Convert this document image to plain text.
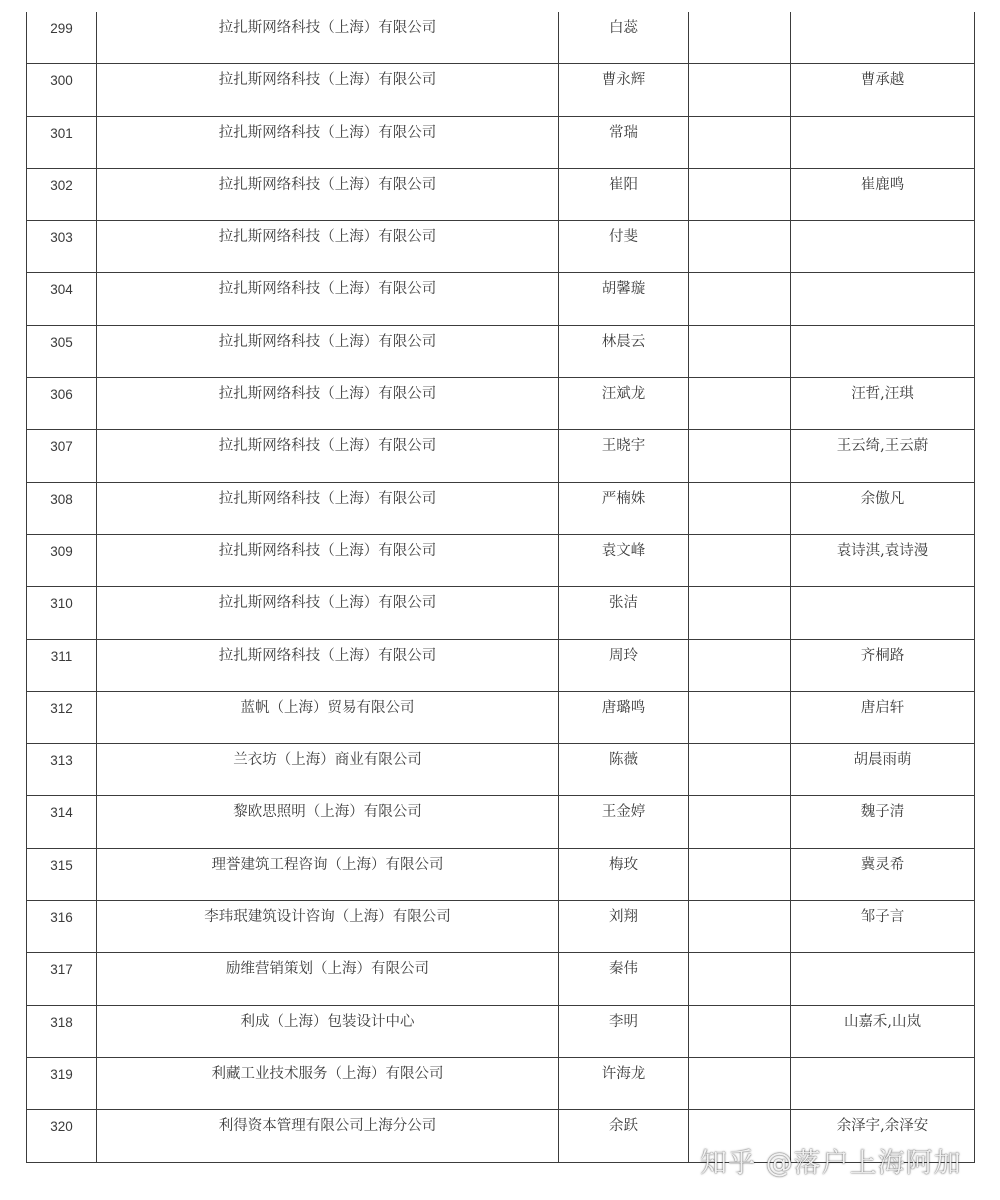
299	拉扎斯网络科技（上海）有限公司	白蕊		

300	拉扎斯网络科技（上海）有限公司	曹永辉		曹承越

301	拉扎斯网络科技（上海）有限公司	常瑞		

302	拉扎斯网络科技（上海）有限公司	崔阳		崔鹿鸣

303	拉扎斯网络科技（上海）有限公司	付斐		

304	拉扎斯网络科技（上海）有限公司	胡馨璇		

305	拉扎斯网络科技（上海）有限公司	林晨云		

306	拉扎斯网络科技（上海）有限公司	汪斌龙		汪哲,汪琪

307	拉扎斯网络科技（上海）有限公司	王晓宇		王云绮,王云蔚

308	拉扎斯网络科技（上海）有限公司	严楠姝		余傲凡

309	拉扎斯网络科技（上海）有限公司	袁文峰		袁诗淇,袁诗漫

310	拉扎斯网络科技（上海）有限公司	张洁		

311	拉扎斯网络科技（上海）有限公司	周玲		齐桐路

312	蓝帆（上海）贸易有限公司	唐璐鸣		唐启轩

313	兰衣坊（上海）商业有限公司	陈薇		胡晨雨萌

314	黎欧思照明（上海）有限公司	王金婷		魏子清

315	理誉建筑工程咨询（上海）有限公司	梅玫		冀灵希

316	李玮珉建筑设计咨询（上海）有限公司	刘翔		邹子言

317	励维营销策划（上海）有限公司	秦伟		

318	利成（上海）包装设计中心	李明		山嘉禾,山岚

319	利藏工业技术服务（上海）有限公司	许海龙		

320	利得资本管理有限公司上海分公司	余跃		余泽宇,余泽安
知乎 @落户上海阿加
